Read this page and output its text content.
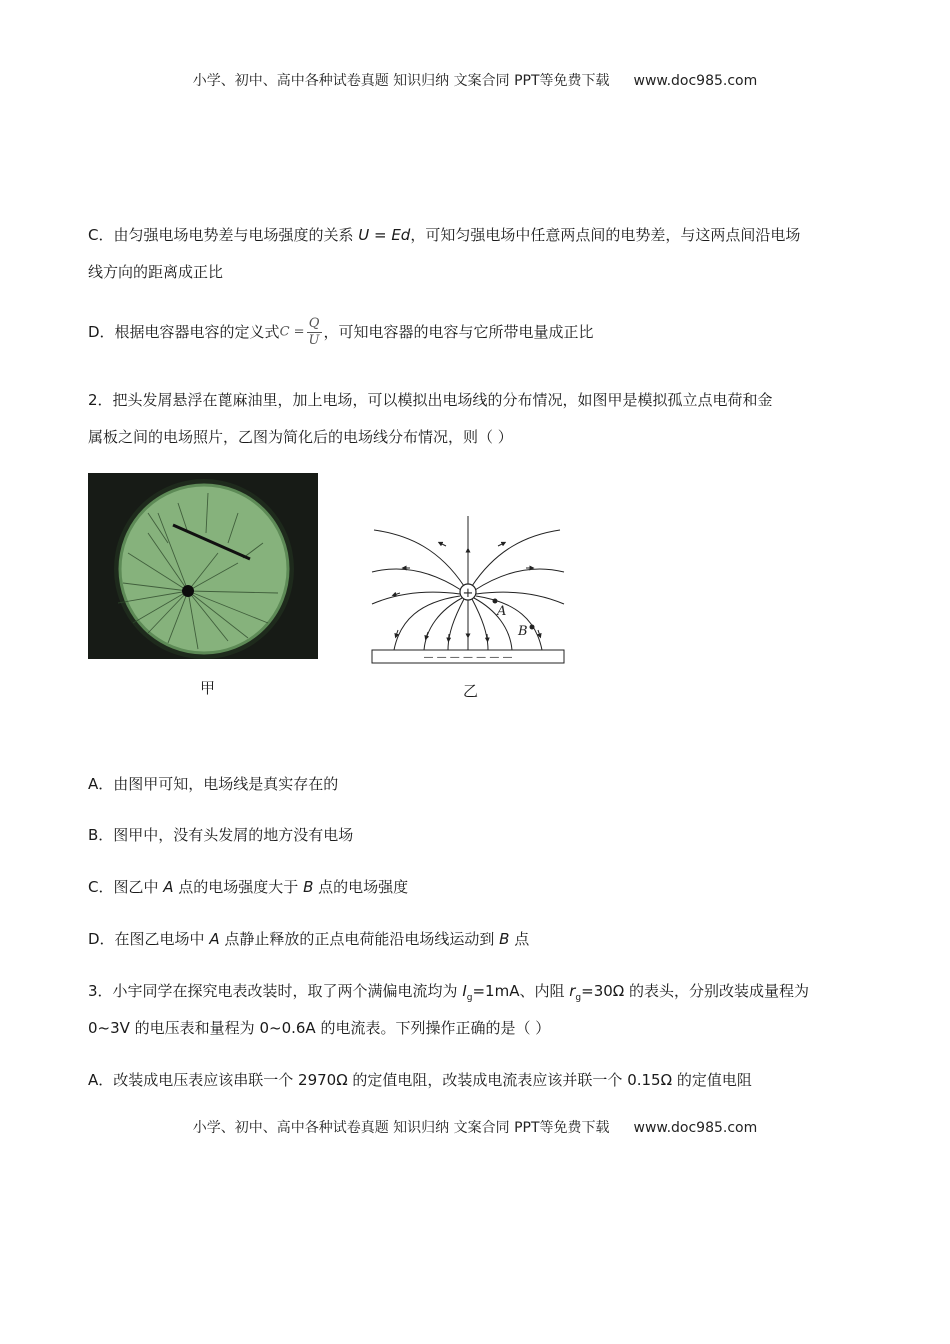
小学、初中、高中各种试卷真题 知识归纳 文案合同 PPT等免费下载 www.doc985.com
C．由匀强电场电势差与电场强度的关系 U = Ed，可知匀强电场中任意两点间的电势差，与这两点间沿电场
线方向的距离成正比
D．根据电容器电容的定义式$C = \frac{Q}{U}$ ，可知电容器的电容与它所带电量成正比
2．把头发屑悬浮在蓖麻油里，加上电场，可以模拟出电场线的分布情况，如图甲是模拟孤立点电荷和金
属板之间的电场照片，乙图为简化后的电场线分布情况，则（ ）
甲
+
A
B
— — — — — — —
乙
A．由图甲可知，电场线是真实存在的
B．图甲中，没有头发屑的地方没有电场
C．图乙中 A 点的电场强度大于 B 点的电场强度
D．在图乙电场中 A 点静止释放的正点电荷能沿电场线运动到 B 点
3．小宇同学在探究电表改装时，取了两个满偏电流均为 $I_g=1mA$、内阻 $r_g=30\Omega$ 的表头，分别改装成量程为
0~3V 的电压表和量程为 0~0.6A 的电流表。下列操作正确的是（ ）
A．改装成电压表应该串联一个 2970Ω 的定值电阻，改装成电流表应该并联一个 0.15Ω 的定值电阻
小学、初中、高中各种试卷真题 知识归纳 文案合同 PPT等免费下载 www.doc985.com
